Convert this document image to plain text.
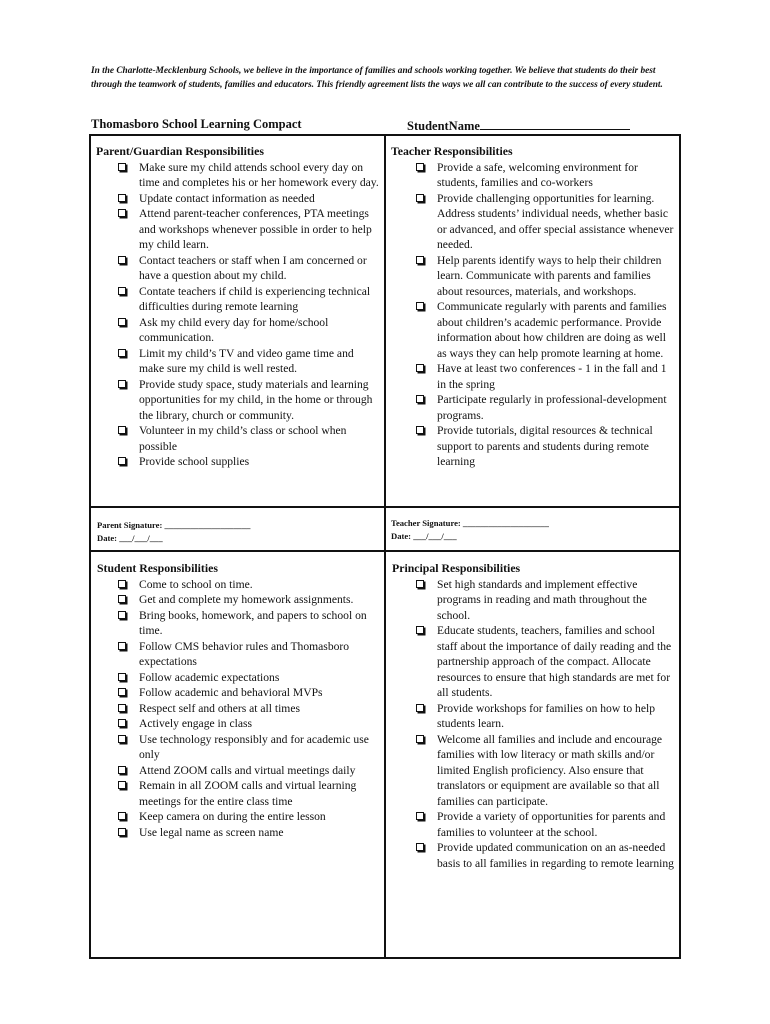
In the Charlotte-Mecklenburg Schools, we believe in the importance of families and schools working together. We believe that students do their best through the teamwork of students, families and educators. This friendly agreement lists the ways we all can contribute to the success of every student.
Thomasboro School Learning Compact	StudentName
Parent/Guardian Responsibilities
Make sure my child attends school every day on time and completes his or her homework every day.
Update contact information as needed
Attend parent-teacher conferences, PTA meetings and workshops whenever possible in order to help my child learn.
Contact teachers or staff when I am concerned or have a question about my child.
Contate teachers if child is experiencing technical difficulties during remote learning
Ask my child every day for home/school communication.
Limit my child’s TV and video game time and make sure my child is well rested.
Provide study space, study materials and learning opportunities for my child, in the home or through the library, church or community.
Volunteer in my child’s class or school when possible
Provide school supplies
Teacher Responsibilities
Provide a safe, welcoming environment for students, families and co-workers
Provide challenging opportunities for learning. Address students’ individual needs, whether basic or advanced, and offer special assistance whenever needed.
Help parents identify ways to help their children learn. Communicate with parents and families about resources, materials, and workshops.
Communicate regularly with parents and families about children’s academic performance. Provide information about how children are doing as well as ways they can help promote learning at home.
Have at least two conferences - 1 in the fall and 1 in the spring
Participate regularly in professional-development programs.
Provide tutorials, digital resources & technical support to parents and students during remote learning
Parent Signature: ____________________
Date: ___/___/___
Teacher Signature: ____________________
Date: ___/___/___
Student Responsibilities
Come to school on time.
Get and complete my homework assignments.
Bring books, homework, and papers to school on time.
Follow CMS behavior rules and Thomasboro expectations
Follow academic expectations
Follow academic and behavioral MVPs
Respect self and others at all times
Actively engage in class
Use technology responsibly and for academic use only
Attend ZOOM calls and virtual meetings daily
Remain in all ZOOM calls and virtual learning meetings for the entire class time
Keep camera on during the entire lesson
Use legal name as screen name
Principal Responsibilities
Set high standards and implement effective programs in reading and math throughout the school.
Educate students, teachers, families and school staff about the importance of daily reading and the partnership approach of the compact. Allocate resources to ensure that high standards are met for all students.
Provide workshops for families on how to help students learn.
Welcome all families and include and encourage families with low literacy or math skills and/or limited English proficiency. Also ensure that translators or equipment are available so that all families can participate.
Provide a variety of opportunities for parents and families to volunteer at the school.
Provide updated communication on an as-needed basis to all families in regarding to remote learning
